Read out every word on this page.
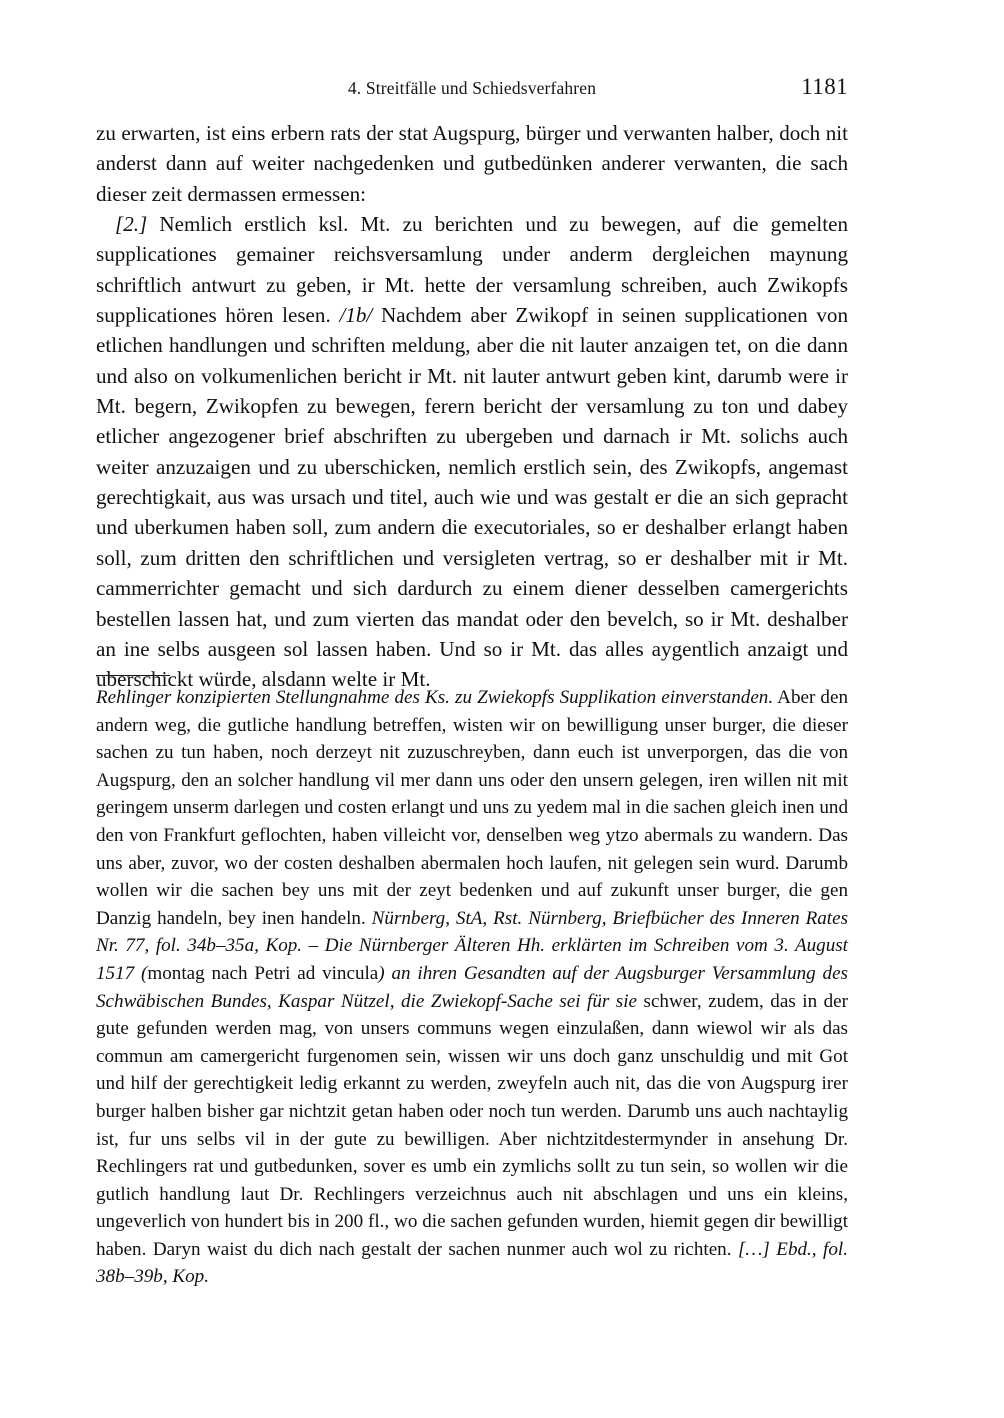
4. Streitfälle und Schiedsverfahren	1181

zu erwarten, ist eins erbern rats der stat Augspurg, bürger und verwanten halber, doch nit anderst dann auf weiter nachgedenken und gutbedünken anderer verwanten, die sach dieser zeit dermassen ermessen:

[2.] Nemlich erstlich ksl. Mt. zu berichten und zu bewegen, auf die gemelten supplicationes gemainer reichsversamlung under anderm dergleichen maynung schriftlich antwurt zu geben, ir Mt. hette der versamlung schreiben, auch Zwikopfs supplicationes hören lesen. /1b/ Nachdem aber Zwikopf in seinen supplicationen von etlichen handlungen und schriften meldung, aber die nit lauter anzaigen tet, on die dann und also on volkumenlichen bericht ir Mt. nit lauter antwurt geben kint, darumb were ir Mt. begern, Zwikopfen zu bewegen, ferern bericht der versamlung zu ton und dabey etlicher angezogener brief abschriften zu ubergeben und darnach ir Mt. solichs auch weiter anzuzaigen und zu uberschicken, nemlich erstlich sein, des Zwikopfs, angemast gerechtigkait, aus was ursach und titel, auch wie und was gestalt er die an sich gepracht und uberkumen haben soll, zum andern die executoriales, so er deshalber erlangt haben soll, zum dritten den schriftlichen und versigleten vertrag, so er deshalber mit ir Mt. cammerrichter gemacht und sich dardurch zu einem diener desselben camergerichts bestellen lassen hat, und zum vierten das mandat oder den bevelch, so ir Mt. deshalber an ine selbs ausgeen sol lassen haben. Und so ir Mt. das alles aygentlich anzaigt und uberschickt würde, alsdann welte ir Mt.

Rehlinger konzipierten Stellungnahme des Ks. zu Zwiekopfs Supplikation einverstanden. Aber den andern weg, die gutliche handlung betreffen, wisten wir on bewilligung unser burger, die dieser sachen zu tun haben, noch derzeyt nit zuzuschreyben, dann euch ist unverporgen, das die von Augspurg, den an solcher handlung vil mer dann uns oder den unsern gelegen, iren willen nit mit geringem unserm darlegen und costen erlangt und uns zu yedem mal in die sachen gleich inen und den von Frankfurt geflochten, haben villeicht vor, denselben weg ytzo abermals zu wandern. Das uns aber, zuvor, wo der costen deshalben abermalen hoch laufen, nit gelegen sein wurd. Darumb wollen wir die sachen bey uns mit der zeyt bedenken und auf zukunft unser burger, die gen Danzig handeln, bey inen handeln. Nürnberg, StA, Rst. Nürnberg, Briefbücher des Inneren Rates Nr. 77, fol. 34b–35a, Kop. – Die Nürnberger Älteren Hh. erklärten im Schreiben vom 3. August 1517 (montag nach Petri ad vincula) an ihren Gesandten auf der Augsburger Versammlung des Schwäbischen Bundes, Kaspar Nützel, die Zwiekopf-Sache sei für sie schwer, zudem, das in der gute gefunden werden mag, von unsers communs wegen einzulaßen, dann wiewol wir als das commun am camergericht furgenomen sein, wissen wir uns doch ganz unschuldig und mit Got und hilf der gerechtigkeit ledig erkannt zu werden, zweyfeln auch nit, das die von Augspurg irer burger halben bisher gar nichtzit getan haben oder noch tun werden. Darumb uns auch nachtaylig ist, fur uns selbs vil in der gute zu bewilligen. Aber nichtzitdestermynder in ansehung Dr. Rechlingers rat und gutbedunken, sover es umb ein zymlichs sollt zu tun sein, so wollen wir die gutlich handlung laut Dr. Rechlingers verzeichnus auch nit abschlagen und uns ein kleins, ungeverlich von hundert bis in 200 fl., wo die sachen gefunden wurden, hiemit gegen dir bewilligt haben. Daryn waist du dich nach gestalt der sachen nunmer auch wol zu richten. […] Ebd., fol. 38b–39b, Kop.
